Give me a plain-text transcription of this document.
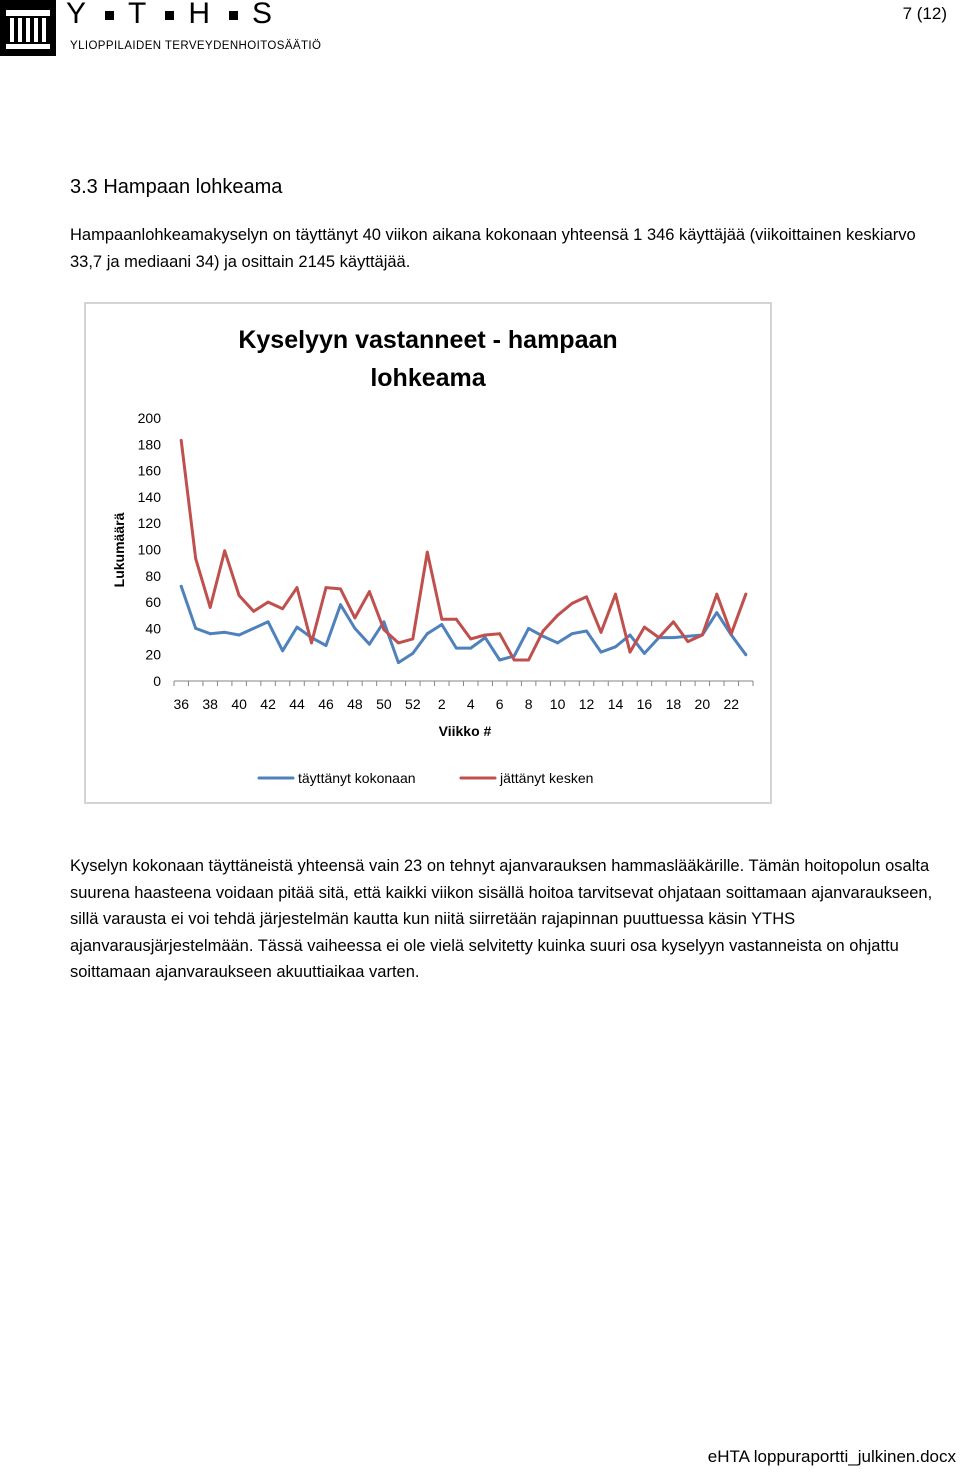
Y T H S
YLIOPPILAIDEN TERVEYDENHOITOSÄÄTIÖ
7 (12)
3.3 Hampaan lohkeama

Hampaanlohkeamakyselyn on täyttänyt 40 viikon aikana kokonaan yhteensä 1 346 käyttäjää (viikoittainen keskiarvo 33,7 ja mediaani 34) ja osittain 2145 käyttäjää.

Kyselyyn vastanneet - hampaan
lohkeama
0
20
40
60
80
100
120
140
160
180
200
36 38 40 42 44 46 48 50 52 2 4 6 8 10 12 14 16 18 20 22
Viikko #
Lukumäärä
täyttänyt kokonaan	jättänyt kesken

Kyselyn kokonaan täyttäneistä yhteensä vain 23 on tehnyt ajanvarauksen hammaslääkärille. Tämän hoitopolun osalta suurena haasteena voidaan pitää sitä, että kaikki viikon sisällä hoitoa tarvitsevat ohjataan soittamaan ajanvaraukseen, sillä varausta ei voi tehdä järjestelmän kautta kun niitä siirretään rajapinnan puuttuessa käsin YTHS ajanvarausjärjestelmään. Tässä vaiheessa ei ole vielä selvitetty kuinka suuri osa kyselyyn vastanneista on ohjattu soittamaan ajanvaraukseen akuuttiaikaa varten.

eHTA loppuraportti_julkinen.docx
